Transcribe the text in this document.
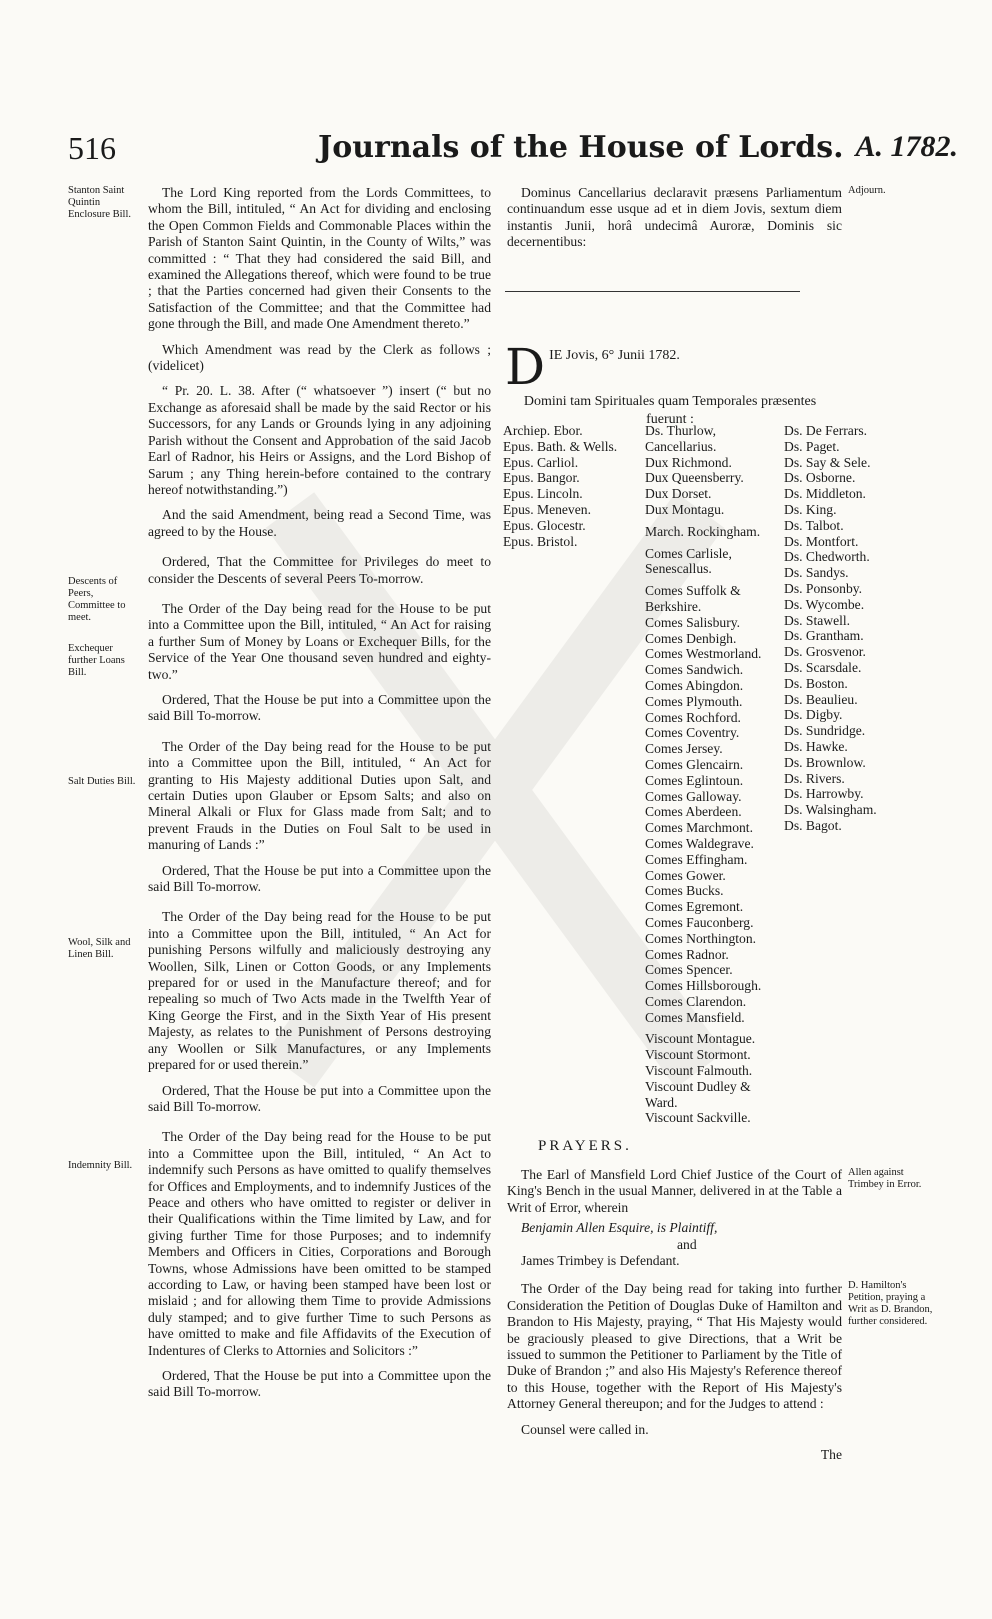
516	Journals of the House of Lords. A. 1782.
Stanton Saint Quintin Enclosure Bill.
Descents of Peers, Committee to meet.
Exchequer further Loans Bill.
Salt Duties Bill.
Wool, Silk and Linen Bill.
Indemnity Bill.

The Lord King reported from the Lords Committees, to whom the Bill, intituled, “ An Act for dividing and enclosing the Open Common Fields and Commonable Places within the Parish of Stanton Saint Quintin, in the County of Wilts,” was committed : “ That they had considered the said Bill, and examined the Allegations thereof, which were found to be true ; that the Parties concerned had given their Consents to the Satisfaction of the Committee; and that the Committee had gone through the Bill, and made One Amendment thereto.”

Which Amendment was read by the Clerk as follows ; (videlicet)

“ Pr. 20. L. 38. After (“ whatsoever ”) insert (“ but no Exchange as aforesaid shall be made by the said Rector or his Successors, for any Lands or Grounds lying in any adjoining Parish without the Consent and Approbation of the said Jacob Earl of Radnor, his Heirs or Assigns, and the Lord Bishop of Sarum ; any Thing herein-before contained to the contrary hereof notwithstanding.”)

And the said Amendment, being read a Second Time, was agreed to by the House.

Ordered, That the Committee for Privileges do meet to consider the Descents of several Peers To-morrow.

The Order of the Day being read for the House to be put into a Committee upon the Bill, intituled, “ An Act for raising a further Sum of Money by Loans or Exchequer Bills, for the Service of the Year One thousand seven hundred and eighty-two.”

Ordered, That the House be put into a Committee upon the said Bill To-morrow.

The Order of the Day being read for the House to be put into a Committee upon the Bill, intituled, “ An Act for granting to His Majesty additional Duties upon Salt, and certain Duties upon Glauber or Epsom Salts; and also on Mineral Alkali or Flux for Glass made from Salt; and to prevent Frauds in the Duties on Foul Salt to be used in manuring of Lands :”

Ordered, That the House be put into a Committee upon the said Bill To-morrow.

The Order of the Day being read for the House to be put into a Committee upon the Bill, intituled, “ An Act for punishing Persons wilfully and maliciously destroying any Woollen, Silk, Linen or Cotton Goods, or any Implements prepared for or used in the Manufacture thereof; and for repealing so much of Two Acts made in the Twelfth Year of King George the First, and in the Sixth Year of His present Majesty, as relates to the Punishment of Persons destroying any Woollen or Silk Manufactures, or any Implements prepared for or used therein.”

Ordered, That the House be put into a Committee upon the said Bill To-morrow.

The Order of the Day being read for the House to be put into a Committee upon the Bill, intituled, “ An Act to indemnify such Persons as have omitted to qualify themselves for Offices and Employments, and to indemnify Justices of the Peace and others who have omitted to register or deliver in their Qualifications within the Time limited by Law, and for giving further Time for those Purposes; and to indemnify Members and Officers in Cities, Corporations and Borough Towns, whose Admissions have been omitted to be stamped according to Law, or having been stamped have been lost or mislaid ; and for allowing them Time to provide Admissions duly stamped; and to give further Time to such Persons as have omitted to make and file Affidavits of the Execution of Indentures of Clerks to Attornies and Solicitors :”

Ordered, That the House be put into a Committee upon the said Bill To-morrow.

Dominus Cancellarius declaravit præsens Parliamentum continuandum esse usque ad et in diem Jovis, sextum diem instantis Junii, horâ undecimâ Auroræ, Dominis sic decernentibus:

Adjourn.
D IE Jovis, 6° Junii 1782.
Domini tam Spirituales quam Temporales præsentes fuerunt :
Archiep. Ebor.
Epus. Bath. & Wells.
Epus. Carliol.
Epus. Bangor.
Epus. Lincoln.
Epus. Meneven.
Epus. Glocestr.
Epus. Bristol.
Ds. Thurlow, Cancellarius.
Dux Richmond.
Dux Queensberry.
Dux Dorset.
Dux Montagu.
March. Rockingham.
Comes Carlisle, Senescallus.
Comes Suffolk & Berkshire.
Comes Salisbury.
Comes Denbigh.
Comes Westmorland.
Comes Sandwich.
Comes Abingdon.
Comes Plymouth.
Comes Rochford.
Comes Coventry.
Comes Jersey.
Comes Glencairn.
Comes Eglintoun.
Comes Galloway.
Comes Aberdeen.
Comes Marchmont.
Comes Waldegrave.
Comes Effingham.
Comes Gower.
Comes Bucks.
Comes Egremont.
Comes Fauconberg.
Comes Northington.
Comes Radnor.
Comes Spencer.
Comes Hillsborough.
Comes Clarendon.
Comes Mansfield.
Viscount Montague.
Viscount Stormont.
Viscount Falmouth.
Viscount Dudley & Ward.
Viscount Sackville.
Ds. De Ferrars.
Ds. Paget.
Ds. Say & Sele.
Ds. Osborne.
Ds. Middleton.
Ds. King.
Ds. Talbot.
Ds. Montfort.
Ds. Chedworth.
Ds. Sandys.
Ds. Ponsonby.
Ds. Wycombe.
Ds. Stawell.
Ds. Grantham.
Ds. Grosvenor.
Ds. Scarsdale.
Ds. Boston.
Ds. Beaulieu.
Ds. Digby.
Ds. Sundridge.
Ds. Hawke.
Ds. Brownlow.
Ds. Rivers.
Ds. Harrowby.
Ds. Walsingham.
Ds. Bagot.
PRAYERS.

The Earl of Mansfield Lord Chief Justice of the Court of King's Bench in the usual Manner, delivered in at the Table a Writ of Error, wherein

Benjamin Allen Esquire, is Plaintiff,
and
James Trimbey is Defendant.

The Order of the Day being read for taking into further Consideration the Petition of Douglas Duke of Hamilton and Brandon to His Majesty, praying, “ That His Majesty would be graciously pleased to give Directions, that a Writ be issued to summon the Petitioner to Parliament by the Title of Duke of Brandon ;” and also His Majesty's Reference thereof to this House, together with the Report of His Majesty's Attorney General thereupon; and for the Judges to attend :

Counsel were called in.

The
Allen against Trimbey in Error.
D. Hamilton's Petition, praying a Writ as D. Brandon, further considered.
